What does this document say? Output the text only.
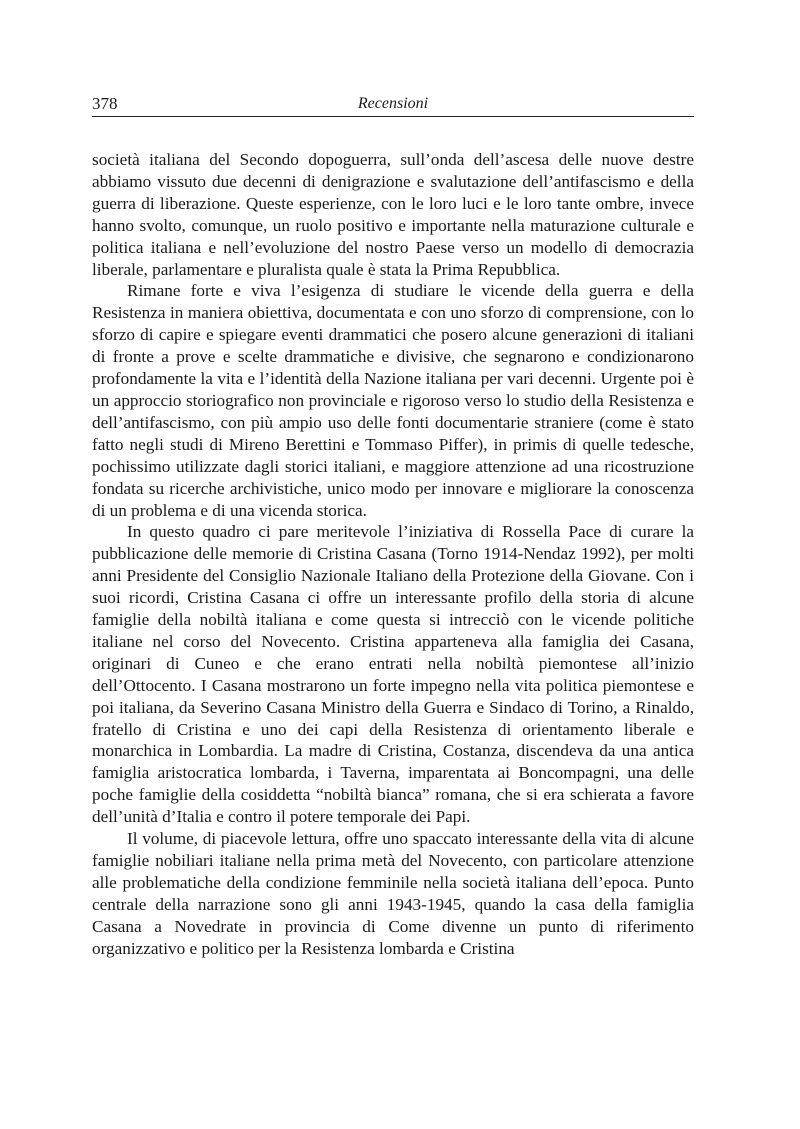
378	Recensioni

società italiana del Secondo dopoguerra, sull’onda dell’ascesa delle nuove destre abbiamo vissuto due decenni di denigrazione e svalutazione dell’antifascismo e della guerra di liberazione. Queste esperienze, con le loro luci e le loro tante ombre, invece hanno svolto, comunque, un ruolo positivo e importante nella maturazione culturale e politica italiana e nell’evoluzione del nostro Paese verso un modello di democrazia liberale, parlamentare e pluralista quale è stata la Prima Repubblica.

Rimane forte e viva l’esigenza di studiare le vicende della guerra e della Resistenza in maniera obiettiva, documentata e con uno sforzo di comprensione, con lo sforzo di capire e spiegare eventi drammatici che posero alcune generazioni di italiani di fronte a prove e scelte drammatiche e divisive, che segnarono e condizionarono profondamente la vita e l’identità della Nazione italiana per vari decenni. Urgente poi è un approccio storiografico non provinciale e rigoroso verso lo studio della Resistenza e dell’antifascismo, con più ampio uso delle fonti documentarie straniere (come è stato fatto negli studi di Mireno Berettini e Tommaso Piffer), in primis di quelle tedesche, pochissimo utilizzate dagli storici italiani, e maggiore attenzione ad una ricostruzione fondata su ricerche archivistiche, unico modo per innovare e migliorare la conoscenza di un problema e di una vicenda storica.

In questo quadro ci pare meritevole l’iniziativa di Rossella Pace di curare la pubblicazione delle memorie di Cristina Casana (Torno 1914-Nendaz 1992), per molti anni Presidente del Consiglio Nazionale Italiano della Protezione della Giovane. Con i suoi ricordi, Cristina Casana ci offre un interessante profilo della storia di alcune famiglie della nobiltà italiana e come questa si intrecciò con le vicende politiche italiane nel corso del Novecento. Cristina apparteneva alla famiglia dei Casana, originari di Cuneo e che erano entrati nella nobiltà piemontese all’inizio dell’Ottocento. I Casana mostrarono un forte impegno nella vita politica piemontese e poi italiana, da Severino Casana Ministro della Guerra e Sindaco di Torino, a Rinaldo, fratello di Cristina e uno dei capi della Resistenza di orientamento liberale e monarchica in Lombardia. La madre di Cristina, Costanza, discendeva da una antica famiglia aristocratica lombarda, i Taverna, imparentata ai Boncompagni, una delle poche famiglie della cosiddetta “nobiltà bianca” romana, che si era schierata a favore dell’unità d’Italia e contro il potere temporale dei Papi.

Il volume, di piacevole lettura, offre uno spaccato interessante della vita di alcune famiglie nobiliari italiane nella prima metà del Novecento, con particolare attenzione alle problematiche della condizione femminile nella società italiana dell’epoca. Punto centrale della narrazione sono gli anni 1943-1945, quando la casa della famiglia Casana a Novedrate in provincia di Come divenne un punto di riferimento organizzativo e politico per la Resistenza lombarda e Cristina
